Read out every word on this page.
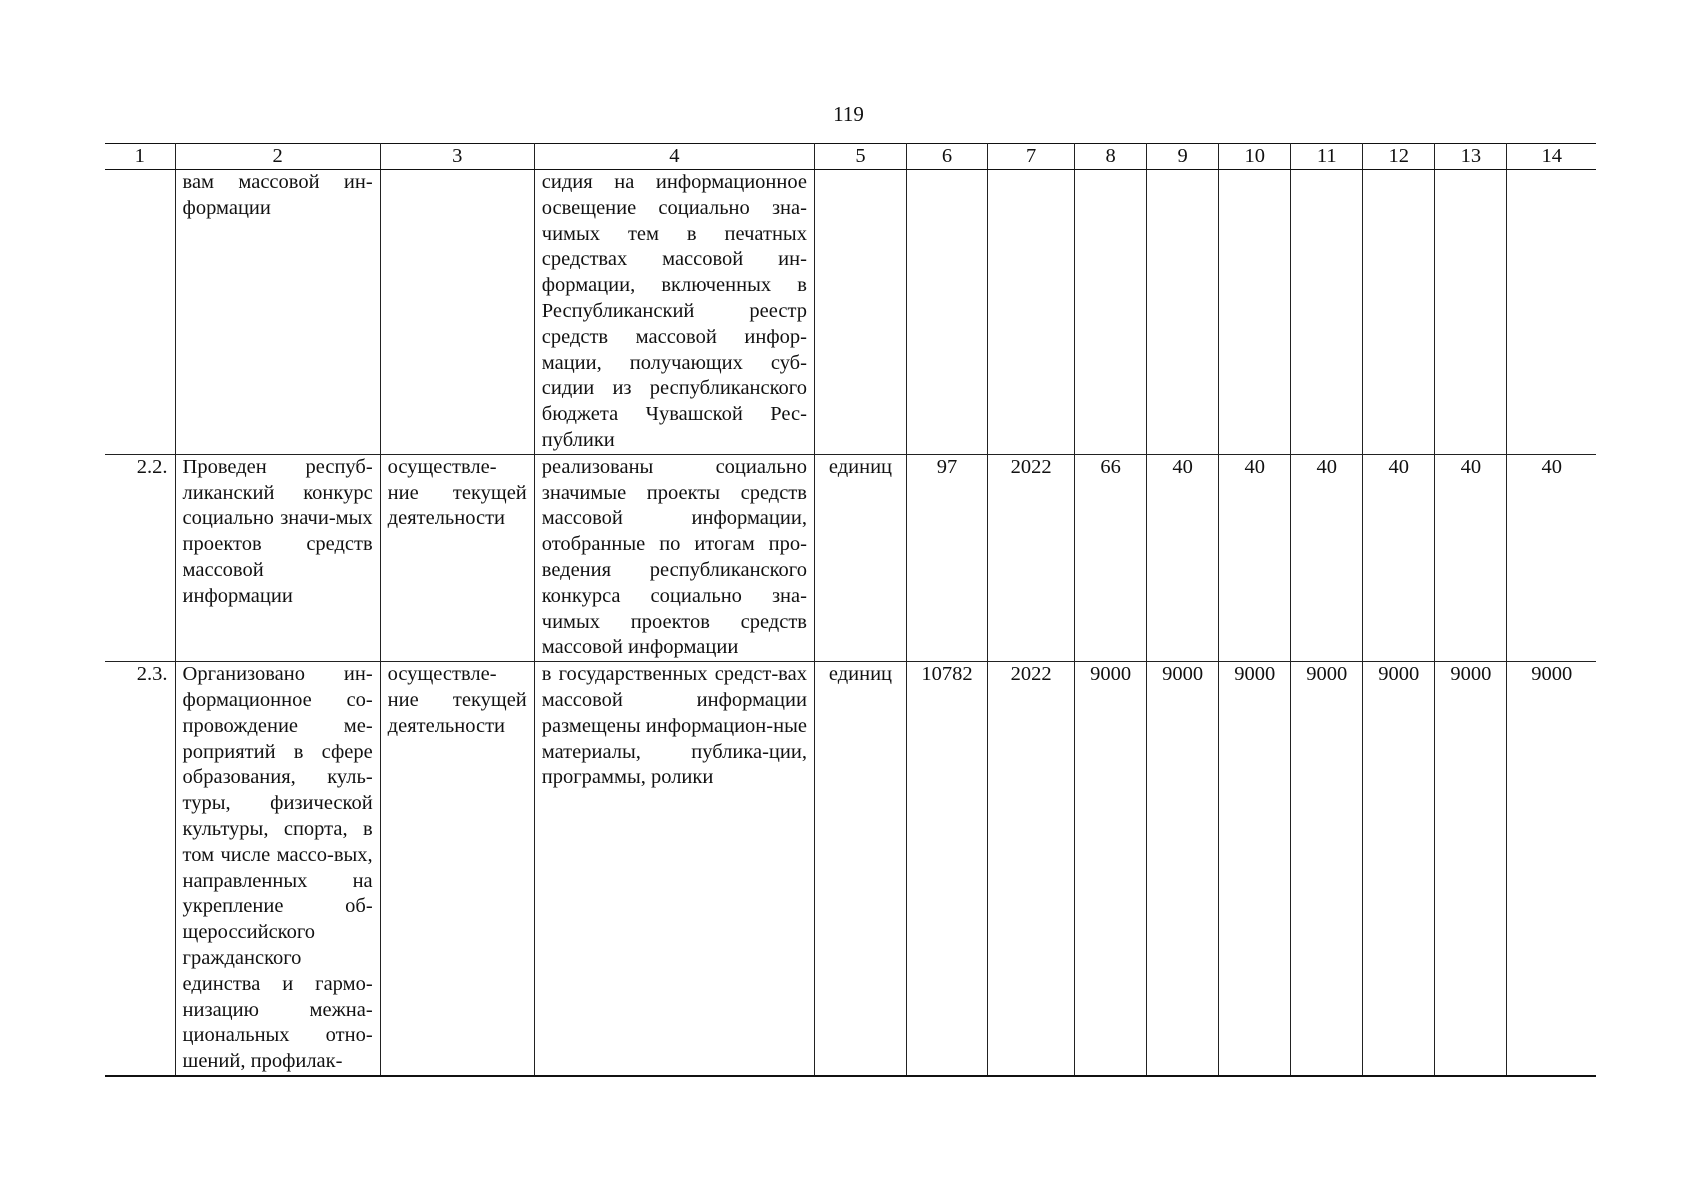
119
1	2	3	4	5	6	7	8	9	10	11	12	13	14
	вам массовой ин-формации		сидия на информационное освещение социально зна-чимых тем в печатных средствах массовой ин-формации, включенных в Республиканский реестр средств массовой инфор-мации, получающих суб-сидии из республиканского бюджета Чувашской Рес-публики										
2.2.	Проведен респуб-ликанский конкурс социально значи-мых проектов средств массовой информации	осуществле-ние текущей деятельности	реализованы социально значимые проекты средств массовой информации, отобранные по итогам про-ведения республиканского конкурса социально зна-чимых проектов средств массовой информации	единиц	97	2022	66	40	40	40	40	40	40
2.3.	Организовано ин-формационное со-провождение ме-роприятий в сфере образования, куль-туры, физической культуры, спорта, в том числе массо-вых, направленных на укрепление об-щероссийского гражданского единства и гармо-низацию межна-циональных отно-шений, профилак-	осуществле-ние текущей деятельности	в государственных средст-вах массовой информации размещены информацион-ные материалы, публика-ции, программы, ролики	единиц	10782	2022	9000	9000	9000	9000	9000	9000	9000
